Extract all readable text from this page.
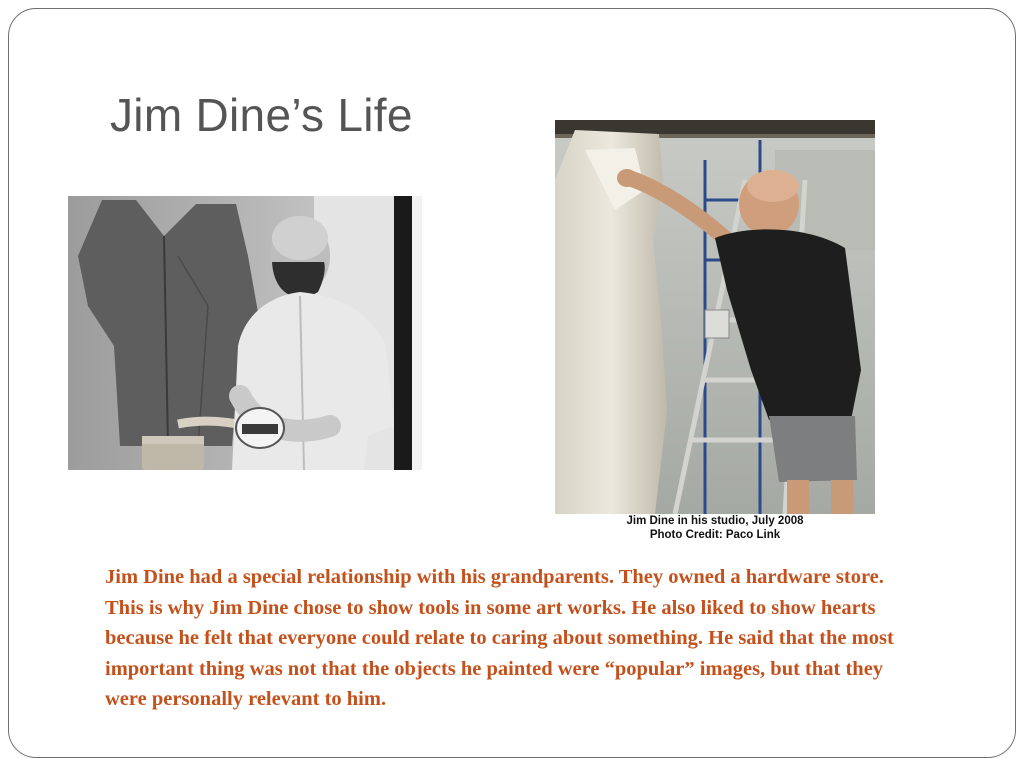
Jim Dine’s Life
Jim Dine in his studio, July 2008
Photo Credit: Paco Link

Jim Dine had a special relationship with his grandparents. They owned a hardware store. This is why Jim Dine chose to show tools in some art works. He also liked to show hearts because he felt that everyone could relate to caring about something. He said that the most important thing was not that the objects he painted were “popular” images, but that they were personally relevant to him.
